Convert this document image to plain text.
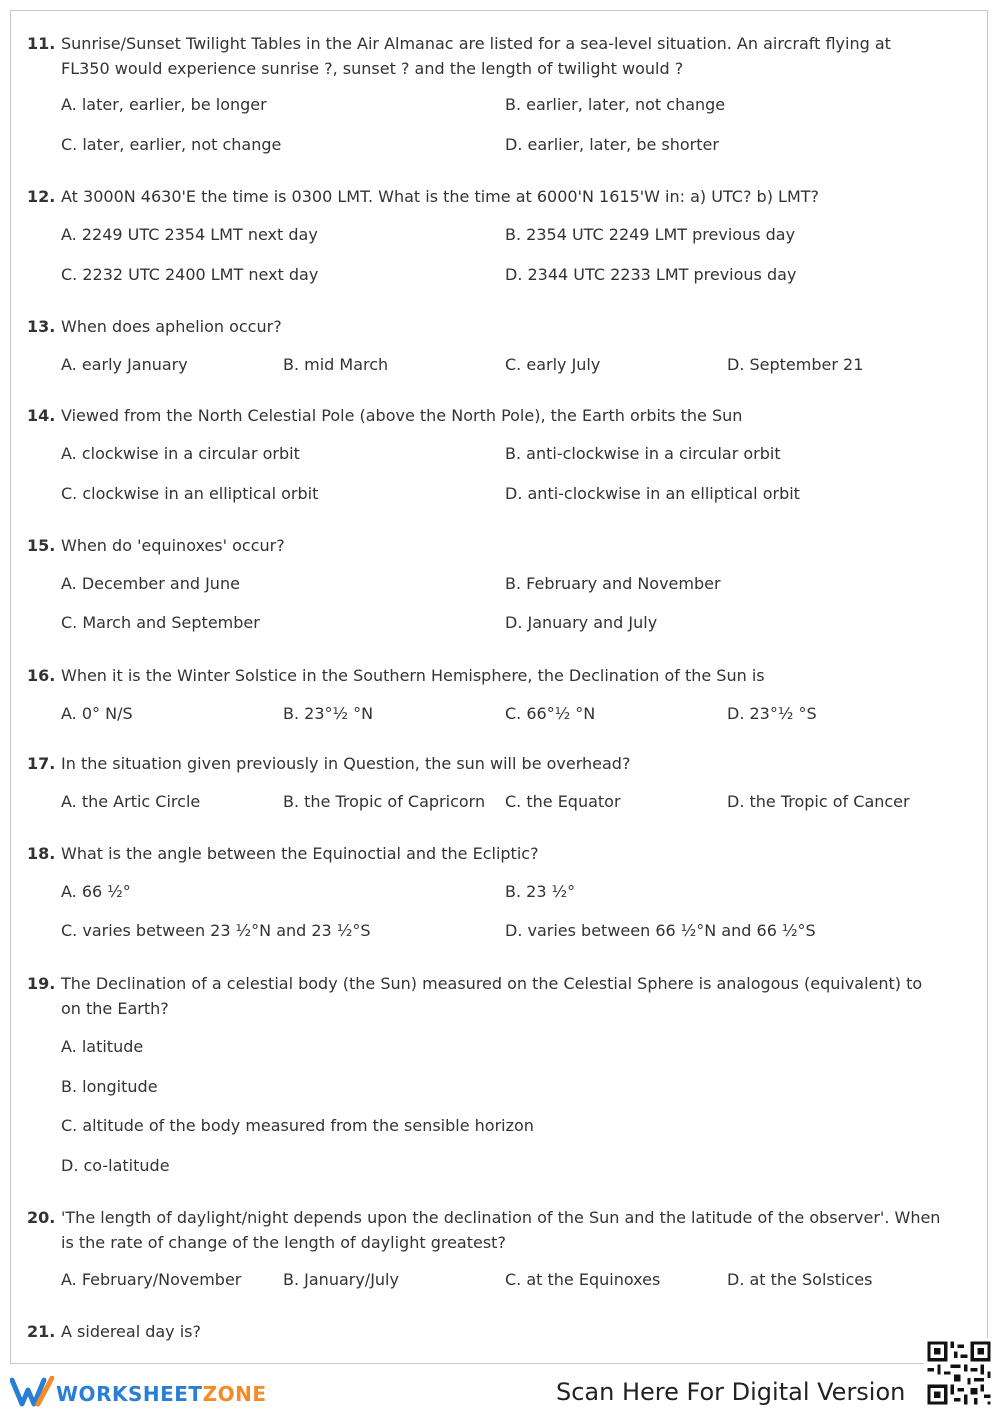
11. Sunrise/Sunset Twilight Tables in the Air Almanac are listed for a sea-level situation. An aircraft flying at FL350 would experience sunrise ?, sunset ? and the length of twilight would ?
A. later, earlier, be longer	B. earlier, later, not change
C. later, earlier, not change	D. earlier, later, be shorter
12. At 3000N 4630'E the time is 0300 LMT. What is the time at 6000'N 1615'W in: a) UTC? b) LMT?
A. 2249 UTC 2354 LMT next day	B. 2354 UTC 2249 LMT previous day
C. 2232 UTC 2400 LMT next day	D. 2344 UTC 2233 LMT previous day
13. When does aphelion occur?
A. early January	B. mid March	C. early July	D. September 21
14. Viewed from the North Celestial Pole (above the North Pole), the Earth orbits the Sun
A. clockwise in a circular orbit	B. anti-clockwise in a circular orbit
C. clockwise in an elliptical orbit	D. anti-clockwise in an elliptical orbit
15. When do 'equinoxes' occur?
A. December and June	B. February and November
C. March and September	D. January and July
16. When it is the Winter Solstice in the Southern Hemisphere, the Declination of the Sun is
A. 0° N/S	B. 23°½ °N	C. 66°½ °N	D. 23°½ °S
17. In the situation given previously in Question, the sun will be overhead?
A. the Artic Circle	B. the Tropic of Capricorn C. the Equator	D. the Tropic of Cancer
18. What is the angle between the Equinoctial and the Ecliptic?
A. 66 ½°	B. 23 ½°
C. varies between 23 ½°N and 23 ½°S	D. varies between 66 ½°N and 66 ½°S
19. The Declination of a celestial body (the Sun) measured on the Celestial Sphere is analogous (equivalent) to on the Earth?
A. latitude
B. longitude
C. altitude of the body measured from the sensible horizon
D. co-latitude
20. 'The length of daylight/night depends upon the declination of the Sun and the latitude of the observer'. When is the rate of change of the length of daylight greatest?
A. February/November	B. January/July	C. at the Equinoxes	D. at the Solstices
21. A sidereal day is?
WORKSHEETZONE	Scan Here For Digital Version
